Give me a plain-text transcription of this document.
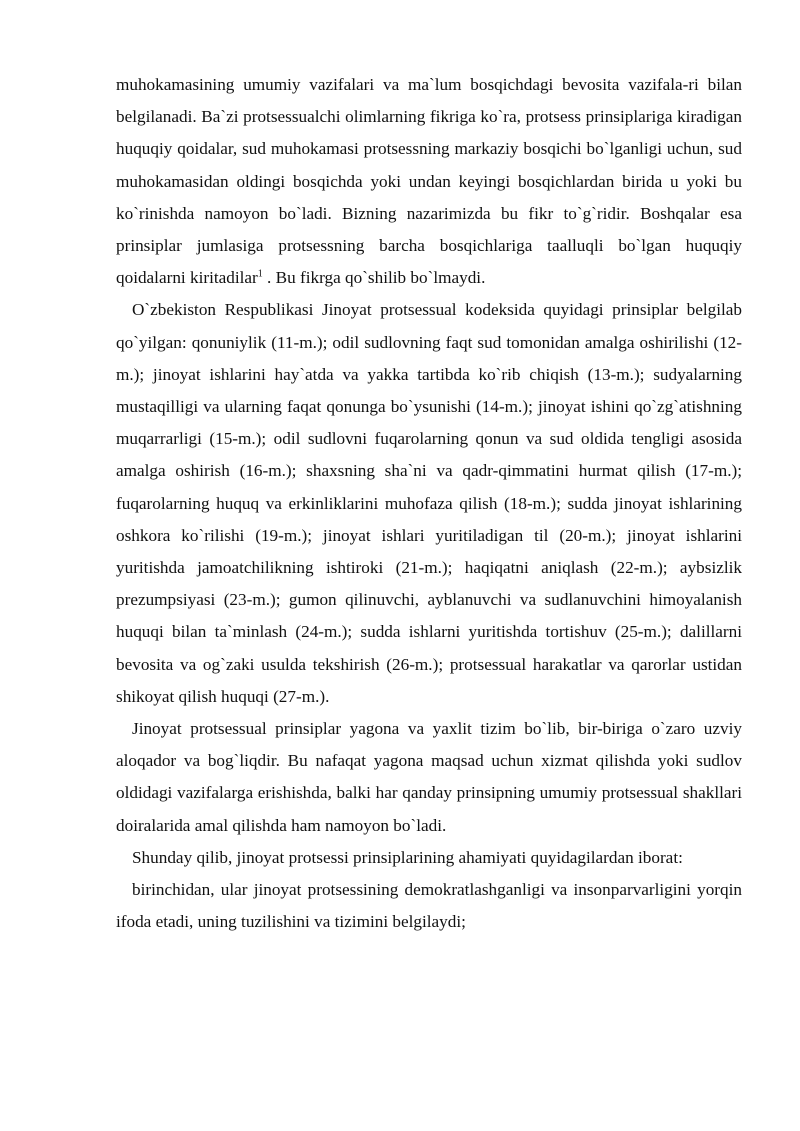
muhokamasining umumiy vazifalari va ma`lum bosqichdagi bevosita vazifala-ri bilan belgilanadi. Ba`zi protsessualchi olimlarning fikriga ko`ra, protsess prinsiplariga kiradigan huquqiy qoidalar, sud muhokamasi protsessning markaziy bosqichi bo`lganligi uchun, sud muhokamasidan oldingi bosqichda yoki undan keyingi bosqichlardan birida u yoki bu ko`rinishda namoyon bo`ladi. Bizning nazarimizda bu fikr to`g`ridir. Boshqalar esa prinsiplar jumlasiga protsessning barcha bosqichlariga taalluqli bo`lgan huquqiy qoidalarni kiritadilar$^1$ . Bu fikrga qo`shilib bo`lmaydi.

O`zbekiston Respublikasi Jinoyat protsessual kodeksida quyidagi prinsiplar belgilab qo`yilgan: qonuniylik (11-m.); odil sudlovning faqt sud tomonidan amalga oshirilishi (12-m.); jinoyat ishlarini hay`atda va yakka tartibda ko`rib chiqish (13-m.); sudyalarning mustaqilligi va ularning faqat qonunga bo`ysunishi (14-m.); jinoyat ishini qo`zg`atishning muqarrarligi (15-m.); odil sudlovni fuqarolarning qonun va sud oldida tengligi asosida amalga oshirish (16-m.); shaxsning sha`ni va qadr-qimmatini hurmat qilish (17-m.); fuqarolarning huquq va erkinliklarini muhofaza qilish (18-m.); sudda jinoyat ishlarining oshkora ko`rilishi (19-m.); jinoyat ishlari yuritiladigan til (20-m.); jinoyat ishlarini yuritishda jamoatchilikning ishtiroki (21-m.); haqiqatni aniqlash (22-m.); aybsizlik prezumpsiyasi (23-m.); gumon qilinuvchi, ayblanuvchi va sudlanuvchini himoyalanish huquqi bilan ta`minlash (24-m.); sudda ishlarni yuritishda tortishuv (25-m.); dalillarni bevosita va og`zaki usulda tekshirish (26-m.); protsessual harakatlar va qarorlar ustidan shikoyat qilish huquqi (27-m.).

Jinoyat protsessual prinsiplar yagona va yaxlit tizim bo`lib, bir-biriga o`zaro uzviy aloqador va bog`liqdir. Bu nafaqat yagona maqsad uchun xizmat qilishda yoki sudlov oldidagi vazifalarga erishishda, balki har qanday prinsipning umumiy protsessual shakllari doiralarida amal qilishda ham namoyon bo`ladi.

Shunday qilib, jinoyat protsessi prinsiplarining ahamiyati quyidagilardan iborat:

birinchidan, ular jinoyat protsessining demokratlashganligi va insonparvarligini yorqin ifoda etadi, uning tuzilishini va tizimini belgilaydi;
